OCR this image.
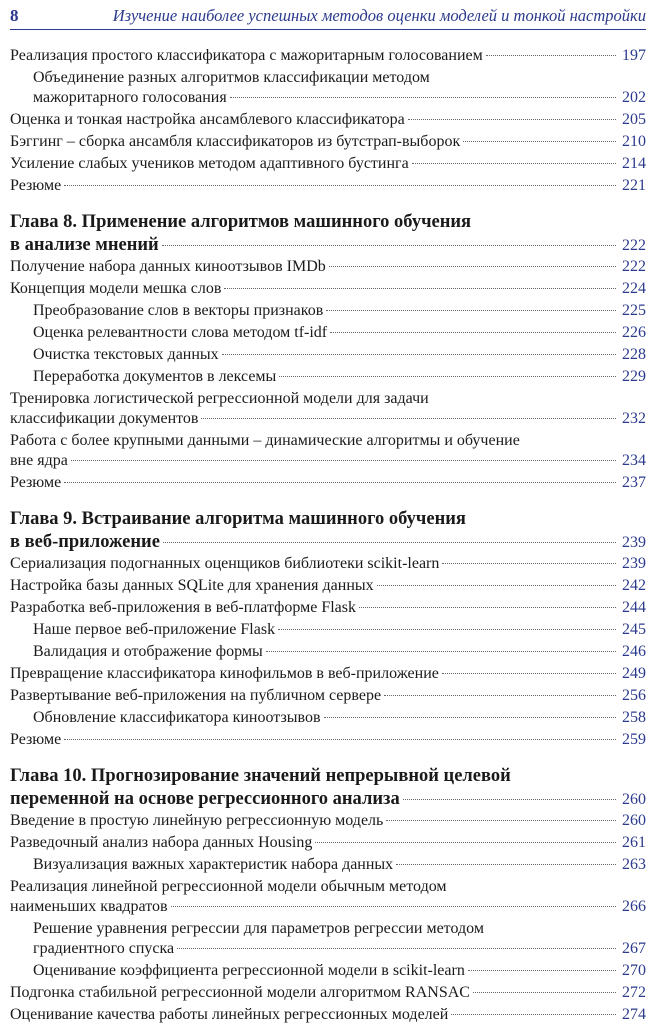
8	Изучение наиболее успешных методов оценки моделей и тонкой настройки
Реализация простого классификатора с мажоритарным голосованием	197
Объединение разных алгоритмов классификации методом
мажоритарного голосования	202
Оценка и тонкая настройка ансамблевого классификатора	205
Бэггинг – сборка ансамбля классификаторов из бутстрап-выборок	210
Усиление слабых учеников методом адаптивного бустинга	214
Резюме	221
Глава 8. Применение алгоритмов машинного обучения
в анализе мнений	222
Получение набора данных киноотзывов IMDb	222
Концепция модели мешка слов	224
Преобразование слов в векторы признаков	225
Оценка релевантности слова методом tf-idf	226
Очистка текстовых данных	228
Переработка документов в лексемы	229
Тренировка логистической регрессионной модели для задачи
классификации документов	232
Работа с более крупными данными – динамические алгоритмы и обучение
вне ядра	234
Резюме	237
Глава 9. Встраивание алгоритма машинного обучения
в веб-приложение	239
Сериализация подогнанных оценщиков библиотеки scikit-learn	239
Настройка базы данных SQLite для хранения данных	242
Разработка веб-приложения в веб-платформе Flask	244
Наше первое веб-приложение Flask	245
Валидация и отображение формы	246
Превращение классификатора кинофильмов в веб-приложение	249
Развертывание веб-приложения на публичном сервере	256
Обновление классификатора киноотзывов	258
Резюме	259
Глава 10. Прогнозирование значений непрерывной целевой
переменной на основе регрессионного анализа	260
Введение в простую линейную регрессионную модель	260
Разведочный анализ набора данных Housing	261
Визуализация важных характеристик набора данных	263
Реализация линейной регрессионной модели обычным методом
наименьших квадратов	266
Решение уравнения регрессии для параметров регрессии методом
градиентного спуска	267
Оценивание коэффициента регрессионной модели в scikit-learn	270
Подгонка стабильной регрессионной модели алгоритмом RANSAC	272
Оценивание качества работы линейных регрессионных моделей	274
